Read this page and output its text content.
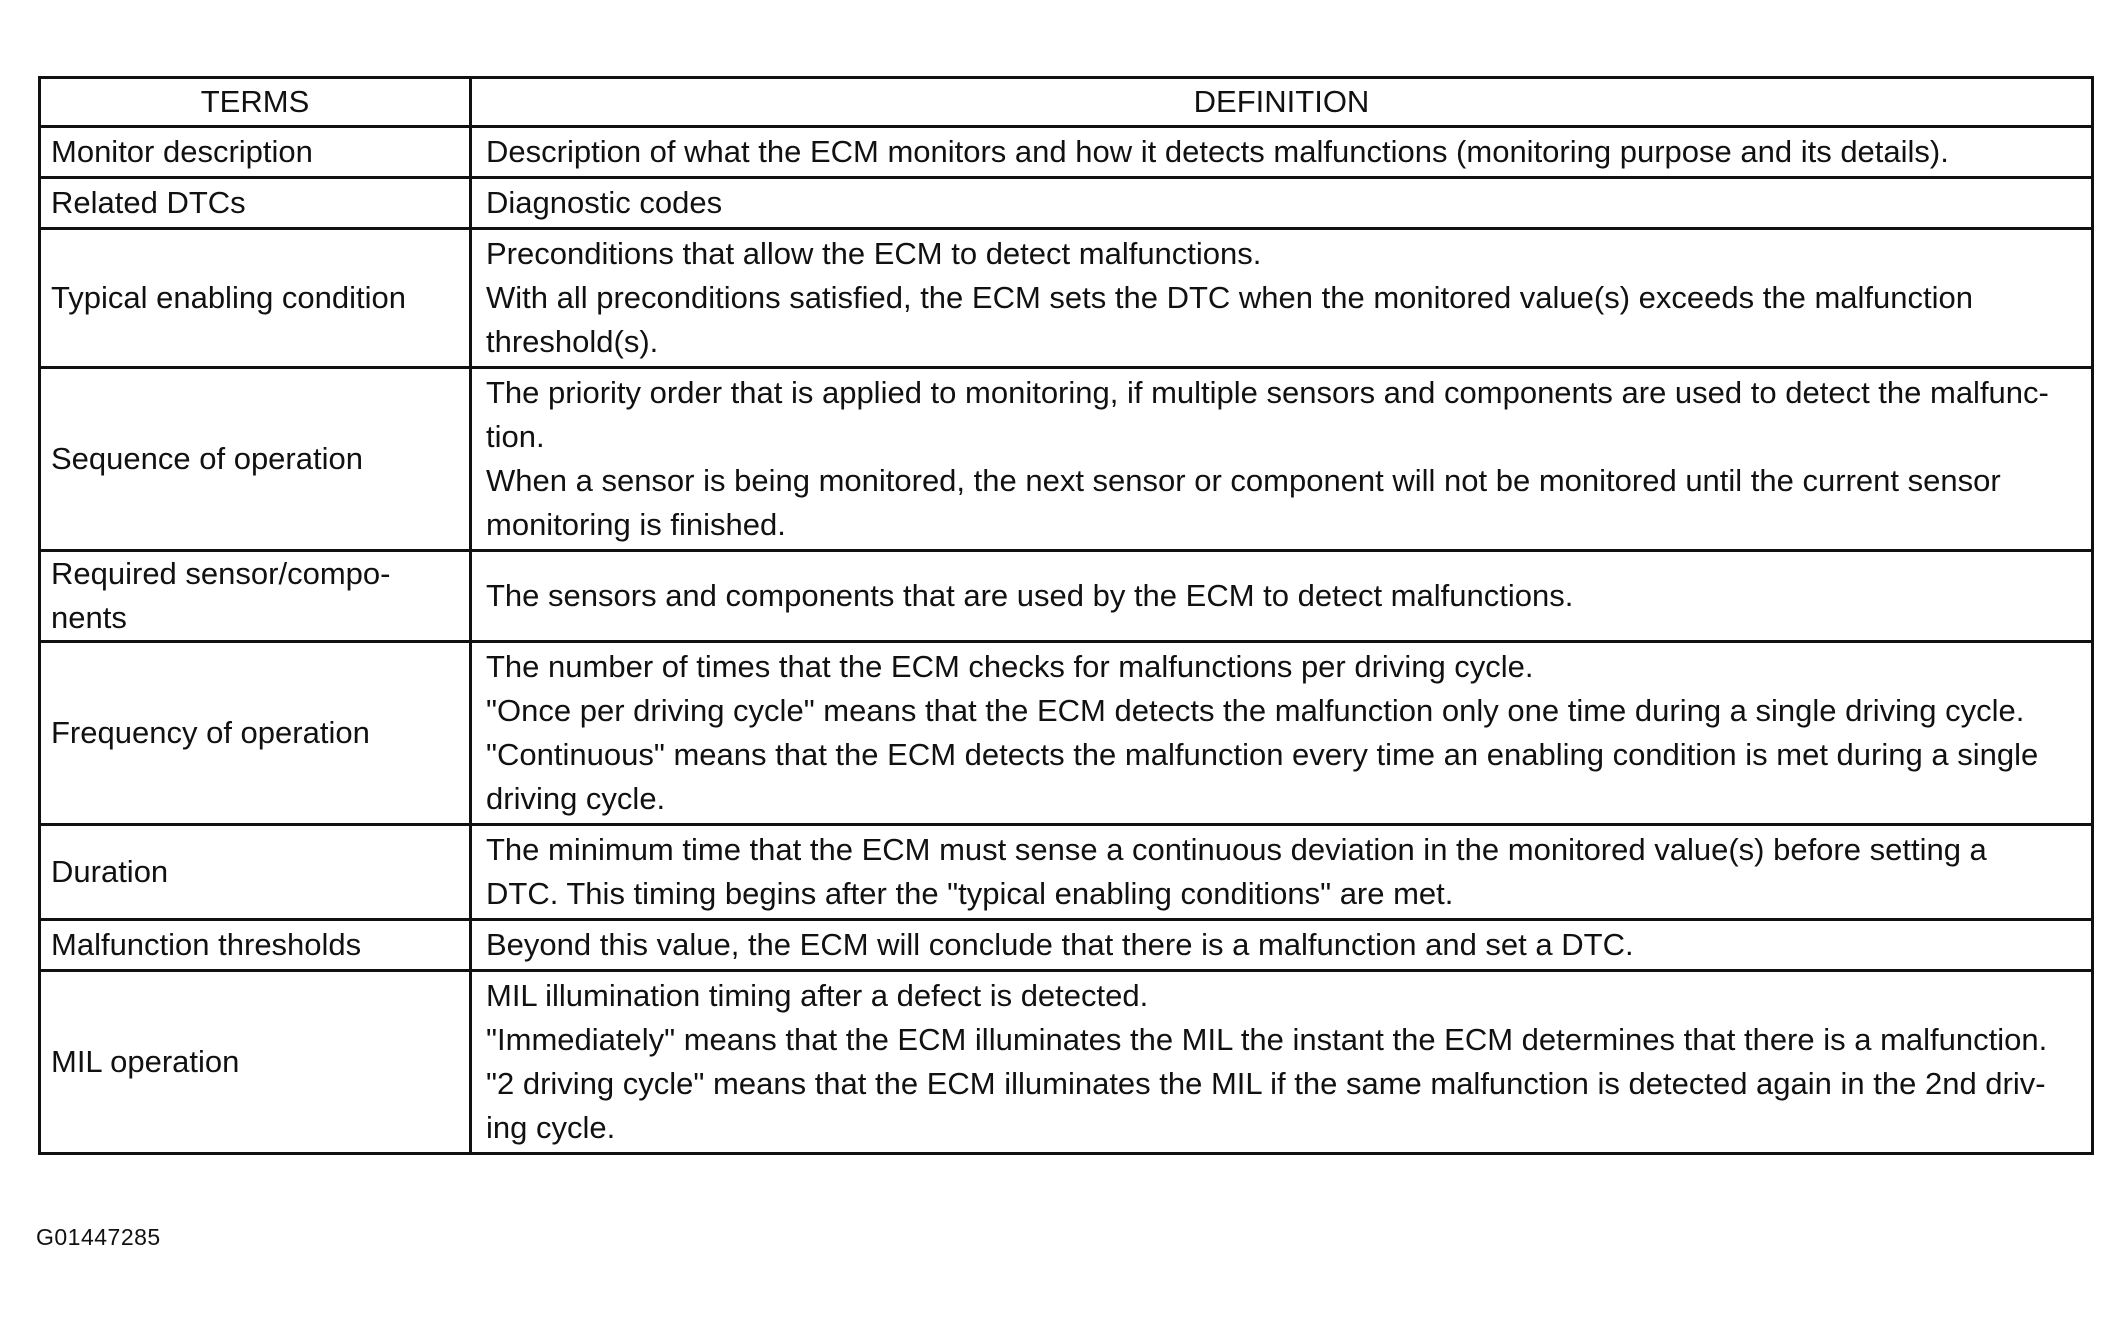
TERMS	DEFINITION

Monitor description	Description of what the ECM monitors and how it detects malfunctions (monitoring purpose and its details).

Related DTCs	Diagnostic codes

Typical enabling condition	Preconditions that allow the ECM to detect malfunctions.
With all preconditions satisfied, the ECM sets the DTC when the monitored value(s) exceeds the malfunction
threshold(s).

Sequence of operation	The priority order that is applied to monitoring, if multiple sensors and components are used to detect the malfunc-
tion.
When a sensor is being monitored, the next sensor or component will not be monitored until the current sensor
monitoring is finished.

Required sensor/compo-
nents	The sensors and components that are used by the ECM to detect malfunctions.

Frequency of operation	The number of times that the ECM checks for malfunctions per driving cycle.
"Once per driving cycle" means that the ECM detects the malfunction only one time during a single driving cycle.
"Continuous" means that the ECM detects the malfunction every time an enabling condition is met during a single
driving cycle.

Duration	The minimum time that the ECM must sense a continuous deviation in the monitored value(s) before setting a
DTC. This timing begins after the "typical enabling conditions" are met.

Malfunction thresholds	Beyond this value, the ECM will conclude that there is a malfunction and set a DTC.

MIL operation	MIL illumination timing after a defect is detected.
"Immediately" means that the ECM illuminates the MIL the instant the ECM determines that there is a malfunction.
"2 driving cycle" means that the ECM illuminates the MIL if the same malfunction is detected again in the 2nd driv-
ing cycle.
G01447285
